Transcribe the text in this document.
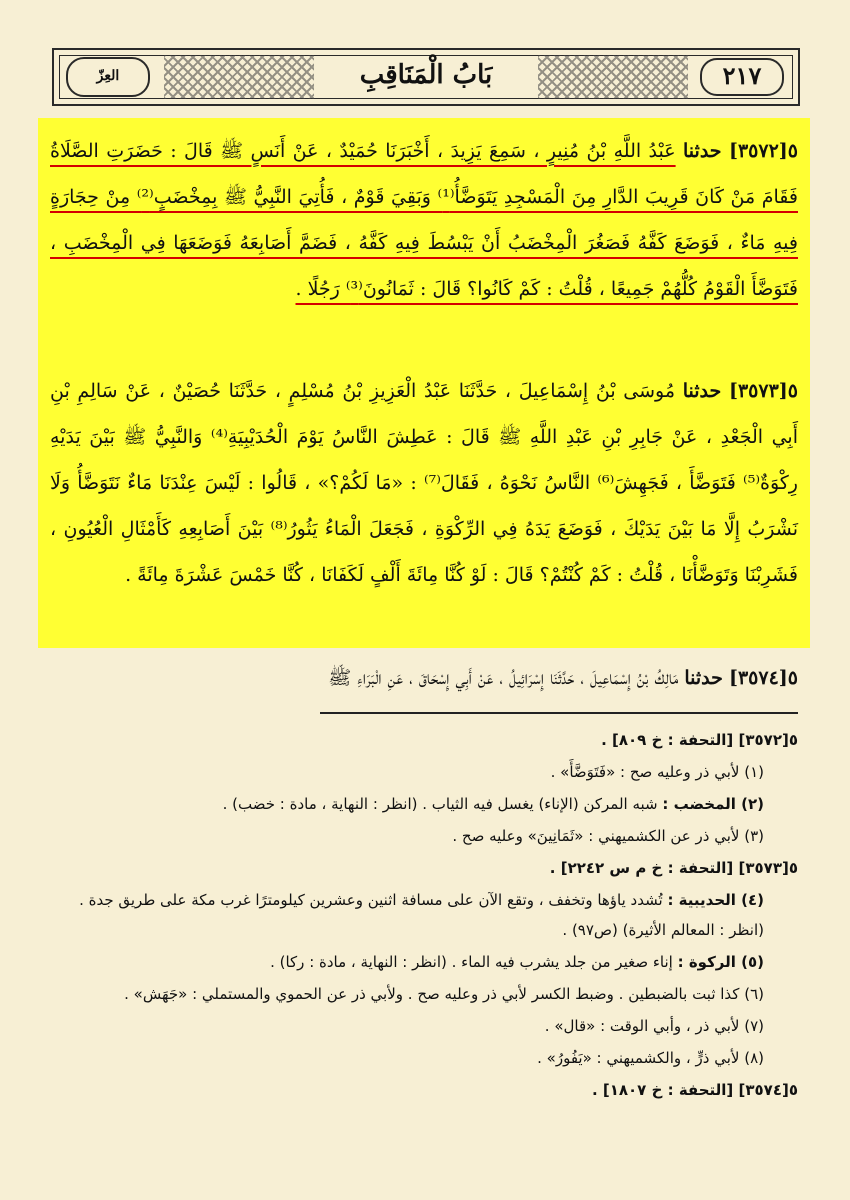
العِزّ	بَابُ الْمَنَاقِبِ	٢١٧
٥[٣٥٧٢] حدثنا عَبْدُ اللَّهِ بْنُ مُنِيرٍ ، سَمِعَ يَزِيدَ ، أَخْبَرَنَا حُمَيْدٌ ، عَنْ أَنَسٍ ﷺ قَالَ : حَضَرَتِ الصَّلَاةُ فَقَامَ مَنْ كَانَ قَرِيبَ الدَّارِ مِنَ الْمَسْجِدِ يَتَوَضَّأُ⁽¹⁾ وَبَقِيَ قَوْمٌ ، فَأُتِيَ النَّبِيُّ ﷺ بِمِخْضَبٍ⁽²⁾ مِنْ حِجَارَةٍ فِيهِ مَاءٌ ، فَوَضَعَ كَفَّهُ فَصَغُرَ الْمِخْضَبُ أَنْ يَبْسُطَ فِيهِ كَفَّهُ ، فَضَمَّ أَصَابِعَهُ فَوَضَعَهَا فِي الْمِخْضَبِ ، فَتَوَضَّأَ الْقَوْمُ كُلُّهُمْ جَمِيعًا ، قُلْتُ : كَمْ كَانُوا؟ قَالَ : ثَمَانُونَ⁽³⁾ رَجُلًا .
٥[٣٥٧٣] حدثنا مُوسَى بْنُ إِسْمَاعِيلَ ، حَدَّثَنَا عَبْدُ الْعَزِيزِ بْنُ مُسْلِمٍ ، حَدَّثَنَا حُصَيْنٌ ، عَنْ سَالِمِ بْنِ أَبِي الْجَعْدِ ، عَنْ جَابِرِ بْنِ عَبْدِ اللَّهِ ﷺ قَالَ : عَطِشَ النَّاسُ يَوْمَ الْحُدَيْبِيَةِ⁽⁴⁾ وَالنَّبِيُّ ﷺ بَيْنَ يَدَيْهِ رِكْوَةٌ⁽⁵⁾ فَتَوَضَّأَ ، فَجَهِشَ⁽⁶⁾ النَّاسُ نَحْوَهُ ، فَقَالَ⁽⁷⁾ : «مَا لَكُمْ؟» ، قَالُوا : لَيْسَ عِنْدَنَا مَاءٌ نَتَوَضَّأُ وَلَا نَشْرَبُ إِلَّا مَا بَيْنَ يَدَيْكَ ، فَوَضَعَ يَدَهُ فِي الرِّكْوَةِ ، فَجَعَلَ الْمَاءُ يَثُورُ⁽⁸⁾ بَيْنَ أَصَابِعِهِ كَأَمْثَالِ الْعُيُونِ ، فَشَرِبْنَا وَتَوَضَّأْنَا ، قُلْتُ : كَمْ كُنْتُمْ؟ قَالَ : لَوْ كُنَّا مِائَةَ أَلْفٍ لَكَفَانَا ، كُنَّا خَمْسَ عَشْرَةَ مِائَةً .
٥[٣٥٧٤] حدثنا مَالِكُ بْنُ إِسْمَاعِيلَ ، حَدَّثَنَا إِسْرَائِيلُ ، عَنْ أَبِي إِسْحَاقَ ، عَنِ الْبَرَاءِ ﷺ

٥[٣٥٧٢] [التحفة : خ ٨٠٩] .

(١) لأبي ذر وعليه صح : «فَتَوَضَّأَ» .

(٢) المخضب : شبه المركن (الإناء) يغسل فيه الثياب . (انظر : النهاية ، مادة : خضب) .

(٣) لأبي ذر عن الكشميهني : «ثَمَانِينَ» وعليه صح .

٥[٣٥٧٣] [التحفة : خ م س ٢٢٤٢] .

(٤) الحديبية : تُشدد ياؤها وتخفف ، وتقع الآن على مسافة اثنين وعشرين كيلومترًا غرب مكة على طريق جدة . (انظر : المعالم الأثيرة) (ص٩٧) .

(٥) الركوة : إناء صغير من جلد يشرب فيه الماء . (انظر : النهاية ، مادة : ركا) .

(٦) كذا ثبت بالضبطين . وضبط الكسر لأبي ذر وعليه صح . ولأبي ذر عن الحموي والمستملي : «جَهَش» .

(٧) لأبي ذر ، وأبي الوقت : «قال» .

(٨) لأبي ذرٍّ ، والكشميهني : «يَفُورُ» .

٥[٣٥٧٤] [التحفة : خ ١٨٠٧] .
